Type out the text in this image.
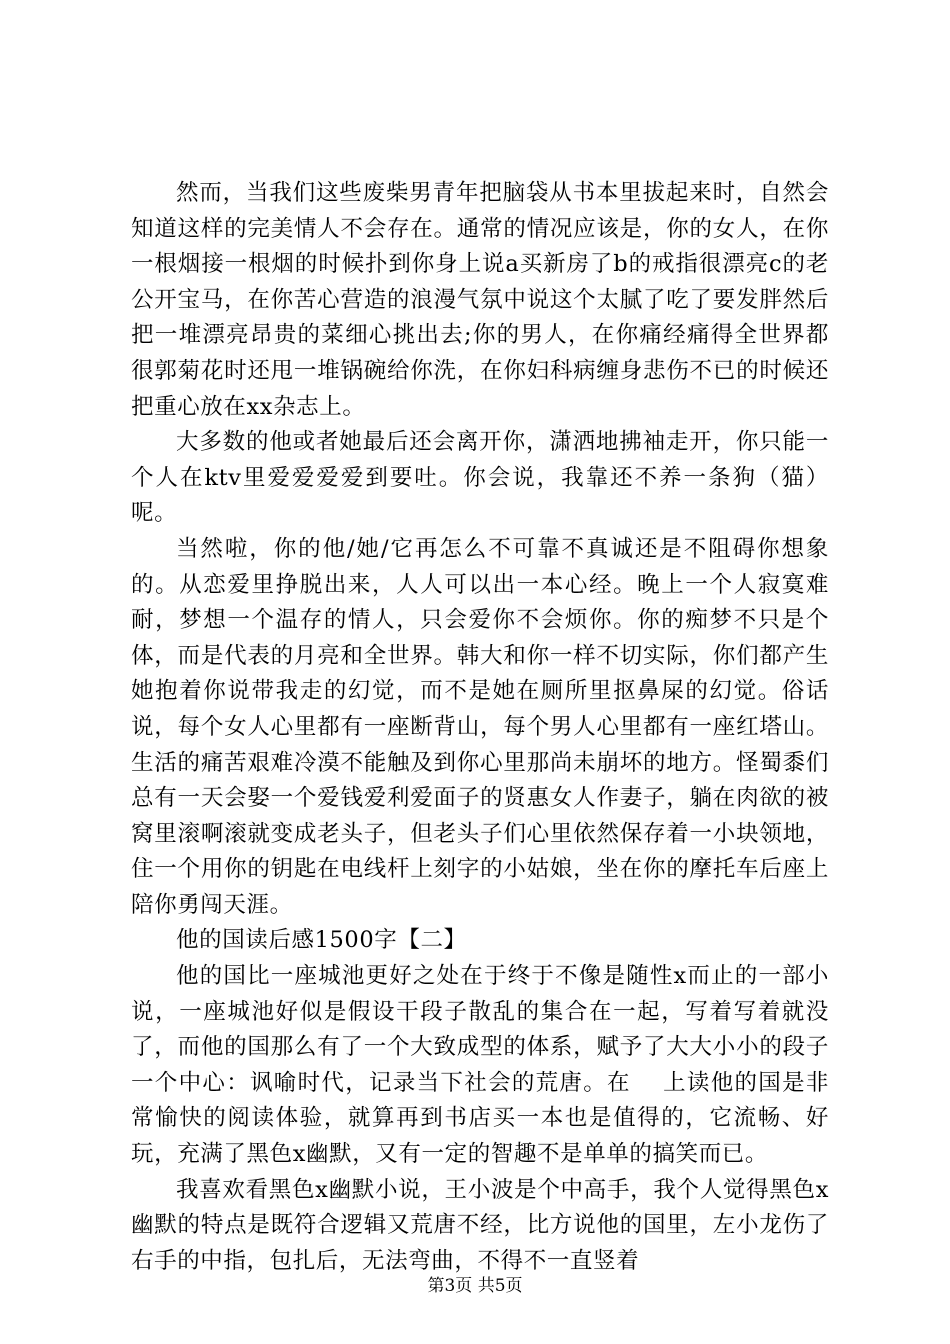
然而，当我们这些废柴男青年把脑袋从书本里拔起来时，自然会知道这样的完美情人不会存在。通常的情况应该是，你的女人，在你一根烟接一根烟的时候扑到你身上说a买新房了b的戒指很漂亮c的老公开宝马，在你苦心营造的浪漫气氛中说这个太腻了吃了要发胖然后把一堆漂亮昂贵的菜细心挑出去;你的男人，在你痛经痛得全世界都很郭菊花时还甩一堆锅碗给你洗，在你妇科病缠身悲伤不已的时候还把重心放在xx杂志上。

大多数的他或者她最后还会离开你，潇洒地拂袖走开，你只能一个人在ktv里爱爱爱爱到要吐。你会说，我靠还不养一条狗（猫）呢。

当然啦，你的他/她/它再怎么不可靠不真诚还是不阻碍你想象的。从恋爱里挣脱出来，人人可以出一本心经。晚上一个人寂寞难耐，梦想一个温存的情人，只会爱你不会烦你。你的痴梦不只是个体，而是代表的月亮和全世界。韩大和你一样不切实际，你们都产生她抱着你说带我走的幻觉，而不是她在厕所里抠鼻屎的幻觉。俗话说，每个女人心里都有一座断背山，每个男人心里都有一座红塔山。生活的痛苦艰难冷漠不能触及到你心里那尚未崩坏的地方。怪蜀黍们总有一天会娶一个爱钱爱利爱面子的贤惠女人作妻子，躺在肉欲的被窝里滚啊滚就变成老头子，但老头子们心里依然保存着一小块领地，住一个用你的钥匙在电线杆上刻字的小姑娘，坐在你的摩托车后座上陪你勇闯天涯。

他的国读后感1500字【二】

他的国比一座城池更好之处在于终于不像是随性x而止的一部小说，一座城池好似是假设干段子散乱的集合在一起，写着写着就没了，而他的国那么有了一个大致成型的体系，赋予了大大小小的段子一个中心：讽喻时代，记录当下社会的荒唐。在　 上读他的国是非常愉快的阅读体验，就算再到书店买一本也是值得的，它流畅、好玩，充满了黑色x幽默，又有一定的智趣不是单单的搞笑而已。

我喜欢看黑色x幽默小说，王小波是个中高手，我个人觉得黑色x幽默的特点是既符合逻辑又荒唐不经，比方说他的国里，左小龙伤了右手的中指，包扎后，无法弯曲，不得不一直竖着

第3页 共5页
